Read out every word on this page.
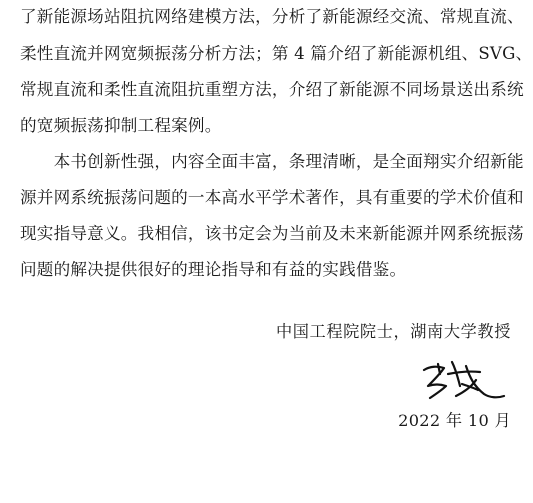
了新能源场站阻抗网络建模方法，分析了新能源经交流、常规直流、
柔性直流并网宽频振荡分析方法；第 4 篇介绍了新能源机组、SVG、
常规直流和柔性直流阻抗重塑方法，介绍了新能源不同场景送出系统
的宽频振荡抑制工程案例。
　　本书创新性强，内容全面丰富，条理清晰，是全面翔实介绍新能
源并网系统振荡问题的一本高水平学术著作，具有重要的学术价值和
现实指导意义。我相信，该书定会为当前及未来新能源并网系统振荡
问题的解决提供很好的理论指导和有益的实践借鉴。
中国工程院院士，湖南大学教授
2022 年 10 月
